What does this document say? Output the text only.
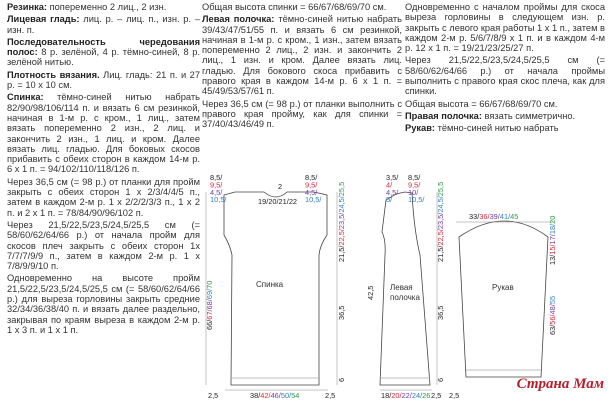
Резинка: попеременно 2 лиц., 2 изн.

Лицевая гладь: лиц. р. – лиц. п., изн. р. – изн. п.

Последовательность чередования полос: 8 р. зелёной, 4 р. тёмно-синей, 8 р. зелёной нитью.

Плотность вязания. Лиц. гладь: 21 п. и 27 р. = 10 х 10 см.

Спинка: тёмно-синей нитью набрать 82/90/98/106/114 п. и вязать 6 см резинкой, начиная в 1-м р. с кром., 1 лиц., затем вязать попеременно 2 изн., 2 лиц. и закончить 2 изн., 1 лиц. и кром. Далее вязать лиц. гладью. Для боковых скосов прибавить с обеих сторон в каждом 14-м р. 6 х 1 п. = 94/102/110/118/126 п.

Через 36,5 см (= 98 р.) от планки для пройм закрыть с обеих сторон 1 х 2/3/4/4/5 п., затем в каждом 2-м р. 1 х 2/2/2/3/3 п., 1 х 2 п. и 2 х 1 п. = 78/84/90/96/102 п.

Через 21,5/22,5/23,5/24,5/25,5 см (= 58/60/62/64/66 р.) от начала пройм для скосов плеч закрыть с обеих сторон 1х 7/7/7/9/9 п., затем в каждом 2-м р. 1 х 7/8/9/9/10 п.

Одновременно на высоте пройм 21,5/22,5/23,5/24,5/25,5 см (= 58/60/62/64/66 р.) для выреза горловины закрыть средние 32/34/36/38/40 п. и вязать далее раздельно, закрывая по краям выреза в каждом 2-м р. 1 х 3 п. и 1 х 1 п.

Общая высота спинки = 66/67/68/69/70 см.

Левая полочка: тёмно-синей нитью набрать 39/43/47/51/55 п. и вязать 6 см резинкой, начиная в 1-м р. с кром., 1 изн., затем вязать попеременно 2 лиц., 2 изн. и закончить 2 лиц., 1 изн. и кром. Далее вязать лиц. гладью. Для бокового скоса прибавить с правого края в каждом 14-м р. 6 х 1 п. = 45/49/53/57/61 п.

Через 36,5 см (= 98 р.) от планки выполнить с правого края пройму, как для спинки = 37/40/43/46/49 п.

Одновременно с началом проймы для скоса выреза горловины в следующем изн. р. закрыть с левого края работы 1 х 1 п., затем в каждом 2-м р. 5/6/7/8/9 х 1 п. и в каждом 4-м р. 12 х 1 п. = 19/21/23/25/27 п.

Через 21,5/22,5/23,5/24,5/25,5 см (= 58/60/62/64/66 р.) от начала проймы выполнить с правого края скос плеча, как для спинки.

Общая высота = 66/67/68/69/70 см.

Правая полочка: вязать симметрично.

Рукав: тёмно-синей нитью набрать

8,5/
9,5/
4,5/
10,5/
8,5/
9,5/
4,5/
10,5/
19/20/21/22
2
Спинка
21,5/22,5/23,5/24,5/25,5
36,5
66/67/68/69/70
6
38/42/46/50/54
2,5	2,5
3,5/
4/
4,5/
5/
8,5/
9,5/
10/
10,5/
Левая
полочка
42,5
21,5/22,5/23,5/24,5/25,5
36,5
6
18/20/22/24/26 2,5
33/36/39/41/45
13/15/17/18/20
Рукав
63/56/48/55
2,5
Страна Мам
